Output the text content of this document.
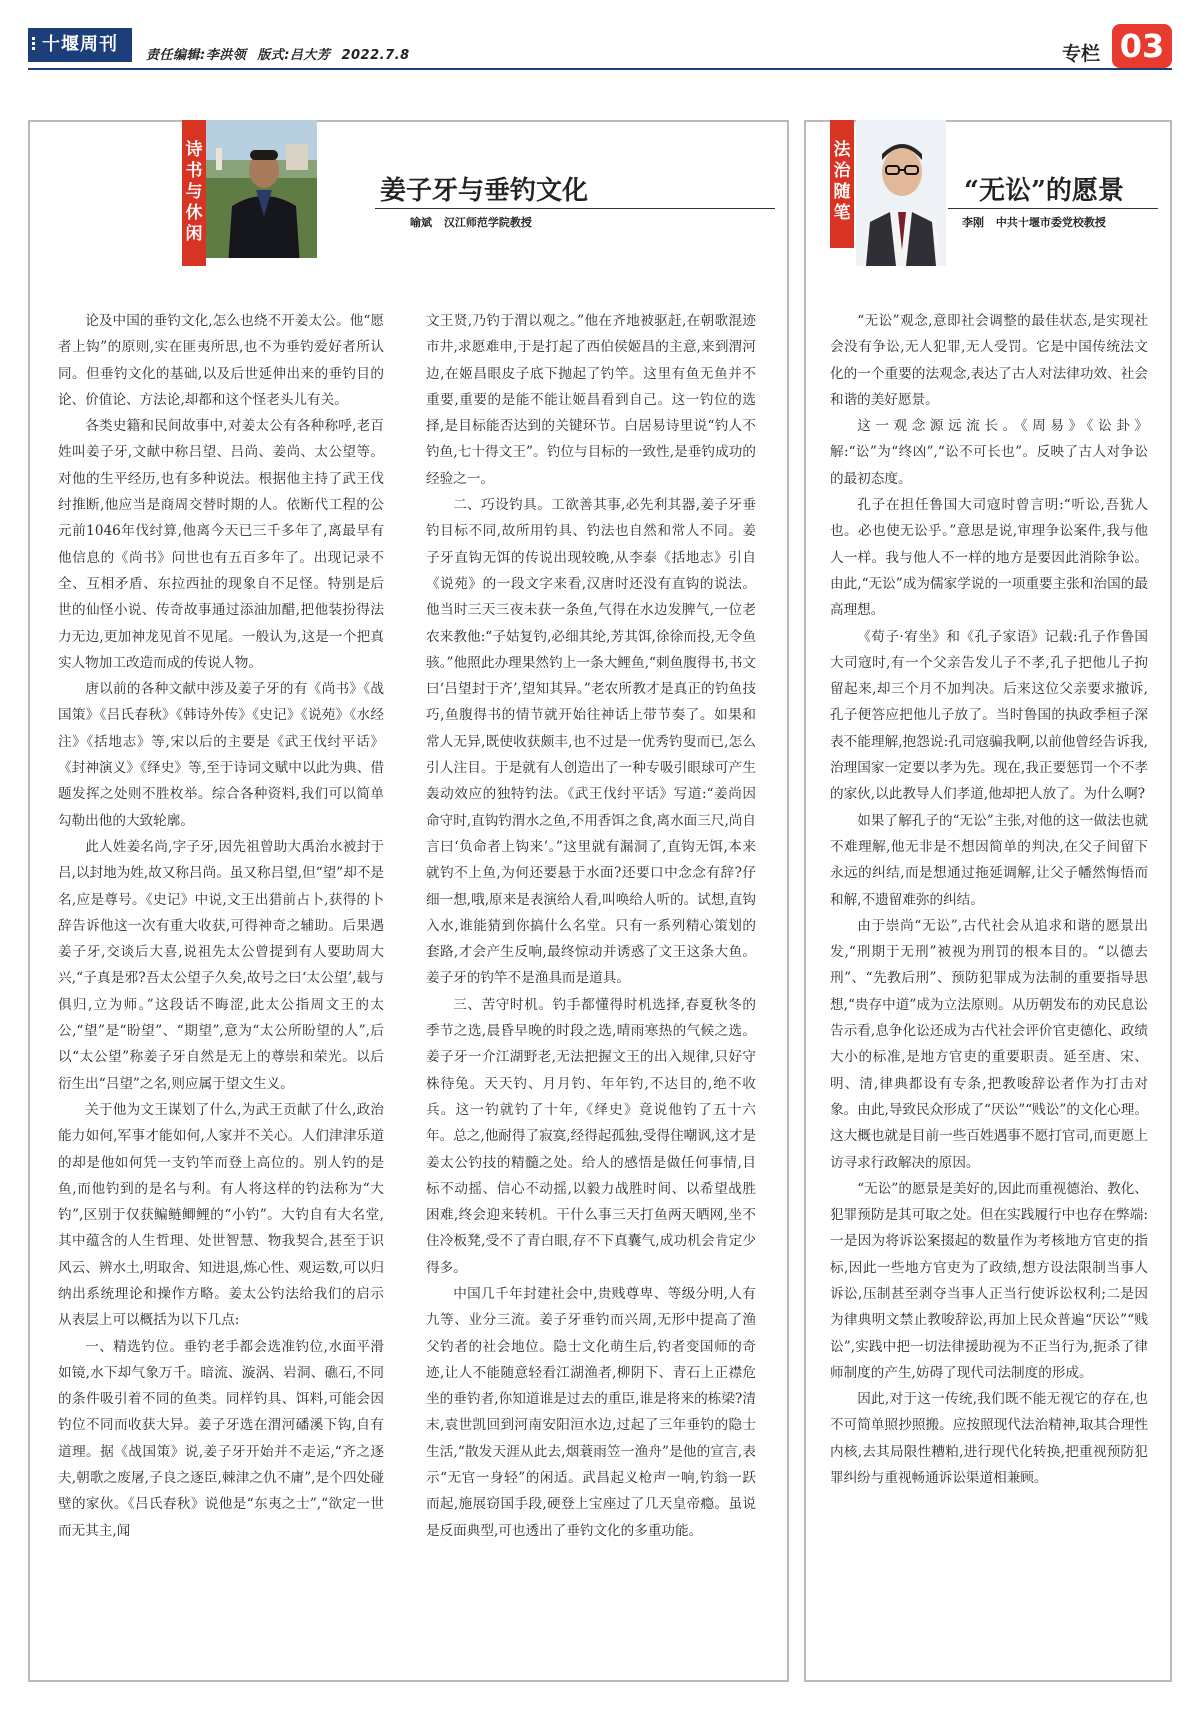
十堰周刊
责任编辑:李洪领 版式:吕大芳 2022.7.8	专栏 03
诗
书
与
休
闲
姜子牙与垂钓文化
喻斌 汉江师范学院教授
法
治
随
笔
“无讼”的愿景
李刚 中共十堰市委党校教授

论及中国的垂钓文化,怎么也绕不开姜太公。他“愿者上钩”的原则,实在匪夷所思,也不为垂钓爱好者所认同。但垂钓文化的基础,以及后世延伸出来的垂钓目的论、价值论、方法论,却都和这个怪老头儿有关。

各类史籍和民间故事中,对姜太公有各种称呼,老百姓叫姜子牙,文献中称吕望、吕尚、姜尚、太公望等。对他的生平经历,也有多种说法。根据他主持了武王伐纣推断,他应当是商周交替时期的人。依断代工程的公元前1046年伐纣算,他离今天已三千多年了,离最早有他信息的《尚书》问世也有五百多年了。出现记录不全、互相矛盾、东拉西扯的现象自不足怪。特别是后世的仙怪小说、传奇故事通过添油加醋,把他装扮得法力无边,更加神龙见首不见尾。一般认为,这是一个把真实人物加工改造而成的传说人物。

唐以前的各种文献中涉及姜子牙的有《尚书》《战国策》《吕氏春秋》《韩诗外传》《史记》《说苑》《水经注》《括地志》等,宋以后的主要是《武王伐纣平话》《封神演义》《绎史》等,至于诗词文赋中以此为典、借题发挥之处则不胜枚举。综合各种资料,我们可以简单勾勒出他的大致轮廓。

此人姓姜名尚,字子牙,因先祖曾助大禹治水被封于吕,以封地为姓,故又称吕尚。虽又称吕望,但“望”却不是名,应是尊号。《史记》中说,文王出猎前占卜,获得的卜辞告诉他这一次有重大收获,可得神奇之辅助。后果遇姜子牙,交谈后大喜,说祖先太公曾提到有人要助周大兴,“子真是邪?吾太公望子久矣,故号之曰‘太公望’,载与俱归,立为师。”这段话不晦涩,此太公指周文王的太公,“望”是“盼望”、“期望”,意为“太公所盼望的人”,后以“太公望”称姜子牙自然是无上的尊崇和荣光。以后衍生出“吕望”之名,则应属于望文生义。

关于他为文王谋划了什么,为武王贡献了什么,政治能力如何,军事才能如何,人家并不关心。人们津津乐道的却是他如何凭一支钓竿而登上高位的。别人钓的是鱼,而他钓到的是名与利。有人将这样的钓法称为“大钓”,区别于仅获鳊鲢鲫鲤的“小钓”。大钓自有大名堂,其中蕴含的人生哲理、处世智慧、物我契合,甚至于识风云、辨水土,明取舍、知进退,炼心性、观运数,可以归纳出系统理论和操作方略。姜太公钓法给我们的启示从表层上可以概括为以下几点:

一、精选钓位。垂钓老手都会选准钓位,水面平滑如镜,水下却气象万千。暗流、漩涡、岩洞、礁石,不同的条件吸引着不同的鱼类。同样钓具、饵料,可能会因钓位不同而收获大异。姜子牙选在渭河磻溪下钩,自有道理。据《战国策》说,姜子牙开始并不走运,“齐之逐夫,朝歌之废屠,子良之逐臣,棘津之仇不庸”,是个四处碰壁的家伙。《吕氏春秋》说他是“东夷之士”,“欲定一世而无其主,闻

文王贤,乃钓于渭以观之。”他在齐地被驱赶,在朝歌混迹市井,求愿难申,于是打起了西伯侯姬昌的主意,来到渭河边,在姬昌眼皮子底下抛起了钓竿。这里有鱼无鱼并不重要,重要的是能不能让姬昌看到自己。这一钓位的选择,是目标能否达到的关键环节。白居易诗里说“钓人不钓鱼,七十得文王”。钓位与目标的一致性,是垂钓成功的经验之一。

二、巧设钓具。工欲善其事,必先利其器,姜子牙垂钓目标不同,故所用钓具、钓法也自然和常人不同。姜子牙直钩无饵的传说出现较晚,从李泰《括地志》引自《说苑》的一段文字来看,汉唐时还没有直钩的说法。他当时三天三夜未获一条鱼,气得在水边发脾气,一位老农来教他:“子姑复钓,必细其纶,芳其饵,徐徐而投,无令鱼骇。”他照此办理果然钓上一条大鲤鱼,“刺鱼腹得书,书文曰‘吕望封于齐’,望知其异。”老农所教才是真正的钓鱼技巧,鱼腹得书的情节就开始往神话上带节奏了。如果和常人无异,既使收获颇丰,也不过是一优秀钓叟而已,怎么引人注目。于是就有人创造出了一种专吸引眼球可产生轰动效应的独特钓法。《武王伐纣平话》写道:“姜尚因命守时,直钩钓渭水之鱼,不用香饵之食,离水面三尺,尚自言曰‘负命者上钩来’。”这里就有漏洞了,直钩无饵,本来就钓不上鱼,为何还要悬于水面?还要口中念念有辞?仔细一想,哦,原来是表演给人看,叫唤给人听的。试想,直钩入水,谁能猜到你搞什么名堂。只有一系列精心策划的套路,才会产生反响,最终惊动并诱惑了文王这条大鱼。姜子牙的钓竿不是渔具而是道具。

三、苦守时机。钓手都懂得时机选择,春夏秋冬的季节之选,晨昏早晚的时段之选,晴雨寒热的气候之选。姜子牙一介江湖野老,无法把握文王的出入规律,只好守株待兔。天天钓、月月钓、年年钓,不达目的,绝不收兵。这一钓就钓了十年,《绎史》竟说他钓了五十六年。总之,他耐得了寂寞,经得起孤独,受得住嘲讽,这才是姜太公钓技的精髓之处。给人的感悟是做任何事情,目标不动摇、信心不动摇,以毅力战胜时间、以希望战胜困难,终会迎来转机。干什么事三天打鱼两天晒网,坐不住冷板凳,受不了青白眼,存不下真囊气,成功机会肯定少得多。

中国几千年封建社会中,贵贱尊卑、等级分明,人有九等、业分三流。姜子牙垂钓而兴周,无形中提高了渔父钓者的社会地位。隐士文化萌生后,钓者变国师的奇迹,让人不能随意轻看江湖渔者,柳阴下、青石上正襟危坐的垂钓者,你知道谁是过去的重臣,谁是将来的栋梁?清末,袁世凯回到河南安阳洹水边,过起了三年垂钓的隐士生活,“散发天涯从此去,烟蓑雨笠一渔舟”是他的宣言,表示“无官一身轻”的闲适。武昌起义枪声一响,钓翁一跃而起,施展窃国手段,硬登上宝座过了几天皇帝瘾。虽说是反面典型,可也透出了垂钓文化的多重功能。

“无讼”观念,意即社会调整的最佳状态,是实现社会没有争讼,无人犯罪,无人受罚。它是中国传统法文化的一个重要的法观念,表达了古人对法律功效、社会和谐的美好愿景。

这一观念源远流长。《周易》《讼卦》解:“讼”为“终凶”,“讼不可长也”。反映了古人对争讼的最初态度。

孔子在担任鲁国大司寇时曾言明:“听讼,吾犹人也。必也使无讼乎。”意思是说,审理争讼案件,我与他人一样。我与他人不一样的地方是要因此消除争讼。由此,“无讼”成为儒家学说的一项重要主张和治国的最高理想。

《荀子·宥坐》和《孔子家语》记载:孔子作鲁国大司寇时,有一个父亲告发儿子不孝,孔子把他儿子拘留起来,却三个月不加判决。后来这位父亲要求撤诉,孔子便答应把他儿子放了。当时鲁国的执政季桓子深表不能理解,抱怨说:孔司寇骗我啊,以前他曾经告诉我,治理国家一定要以孝为先。现在,我正要惩罚一个不孝的家伙,以此教导人们孝道,他却把人放了。为什么啊?

如果了解孔子的“无讼”主张,对他的这一做法也就不难理解,他无非是不想因简单的判决,在父子间留下永远的纠结,而是想通过拖延调解,让父子幡然悔悟而和解,不遗留难弥的纠结。

由于崇尚“无讼”,古代社会从追求和谐的愿景出发,“刑期于无刑”被视为刑罚的根本目的。“以德去刑”、“先教后刑”、预防犯罪成为法制的重要指导思想,“贵存中道”成为立法原则。从历朝发布的劝民息讼告示看,息争化讼还成为古代社会评价官吏德化、政绩大小的标准,是地方官吏的重要职责。延至唐、宋、明、清,律典都设有专条,把教唆辞讼者作为打击对象。由此,导致民众形成了“厌讼”“贱讼”的文化心理。这大概也就是目前一些百姓遇事不愿打官司,而更愿上访寻求行政解决的原因。

“无讼”的愿景是美好的,因此而重视德治、教化、犯罪预防是其可取之处。但在实践履行中也存在弊端:一是因为将诉讼案掇起的数量作为考核地方官吏的指标,因此一些地方官吏为了政绩,想方设法限制当事人诉讼,压制甚至剥夺当事人正当行使诉讼权利;二是因为律典明文禁止教唆辞讼,再加上民众普遍“厌讼”“贱讼”,实践中把一切法律援助视为不正当行为,扼杀了律师制度的产生,妨碍了现代司法制度的形成。

因此,对于这一传统,我们既不能无视它的存在,也不可简单照抄照搬。应按照现代法治精神,取其合理性内核,去其局限性糟粕,进行现代化转换,把重视预防犯罪纠纷与重视畅通诉讼渠道相兼顾。
